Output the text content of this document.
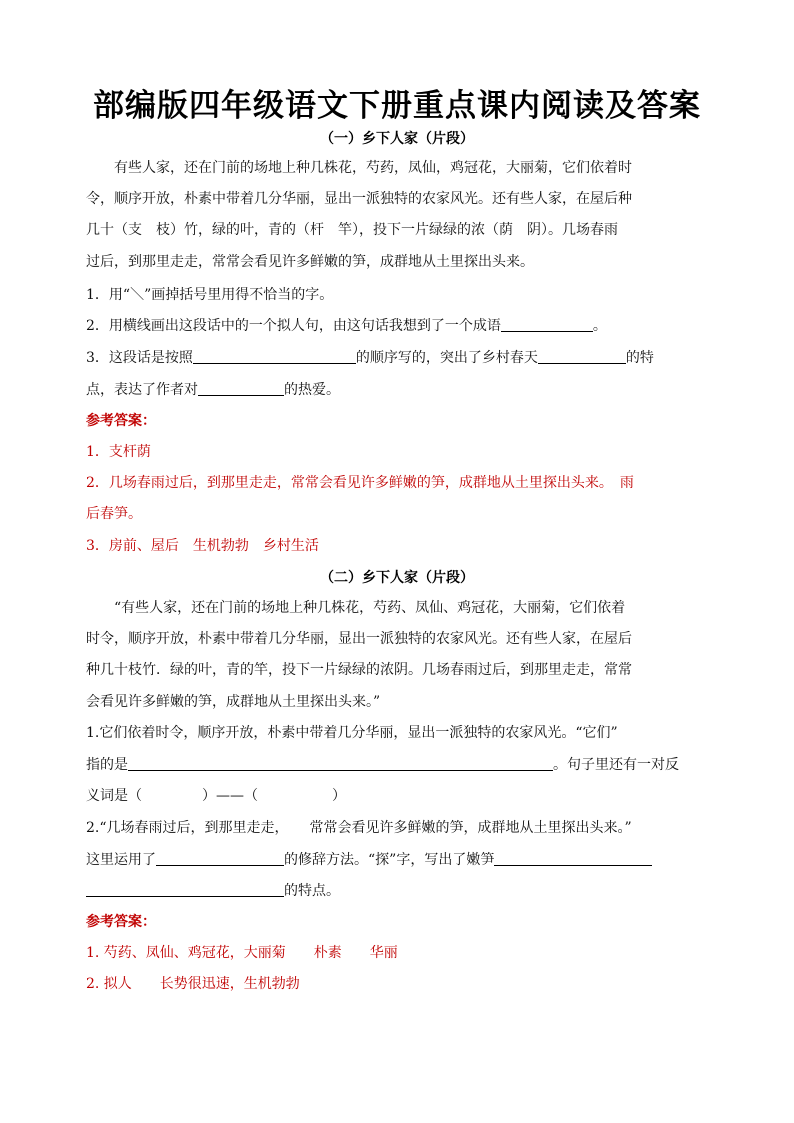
部编版四年级语文下册重点课内阅读及答案
（一）乡下人家（片段）
有些人家，还在门前的场地上种几株花，芍药，凤仙，鸡冠花，大丽菊，它们依着时
令，顺序开放，朴素中带着几分华丽，显出一派独特的农家风光。还有些人家，在屋后种
几十（支　枝）竹，绿的叶，青的（杆　竿），投下一片绿绿的浓（荫　阴）。几场春雨
过后，到那里走走，常常会看见许多鲜嫩的笋，成群地从土里探出头来。
1．用“＼”画掉括号里用得不恰当的字。
2．用横线画出这段话中的一个拟人句，由这句话我想到了一个成语	。
3．这段话是按照	的顺序写的，突出了乡村春天	的特
点，表达了作者对	的热爱。
参考答案：
1．支杆荫
2．几场春雨过后，到那里走走，常常会看见许多鲜嫩的笋，成群地从土里探出头来。　雨
后春笋。
3．房前、屋后　生机勃勃　乡村生活
（二）乡下人家（片段）
“有些人家，还在门前的场地上种几株花，芍药、凤仙、鸡冠花，大丽菊，它们依着
时令，顺序开放，朴素中带着几分华丽，显出一派独特的农家风光。还有些人家，在屋后
种几十枝竹．绿的叶，青的竿，投下一片绿绿的浓阴。几场春雨过后，到那里走走，常常
会看见许多鲜嫩的笋，成群地从土里探出头来。”
1.它们依着时令，顺序开放，朴素中带着几分华丽，显出一派独特的农家风光。“它们”
指的是	。句子里还有一对反
义词是（	）——（	）
2.“几场春雨过后，到那里走走，　　常常会看见许多鲜嫩的笋，成群地从土里探出头来。”
这里运用了	的修辞方法。“探”字，写出了嫩笋
的特点。
参考答案：
1. 芍药、凤仙、鸡冠花，大丽菊　　朴素　　华丽
2. 拟人　　长势很迅速，生机勃勃
